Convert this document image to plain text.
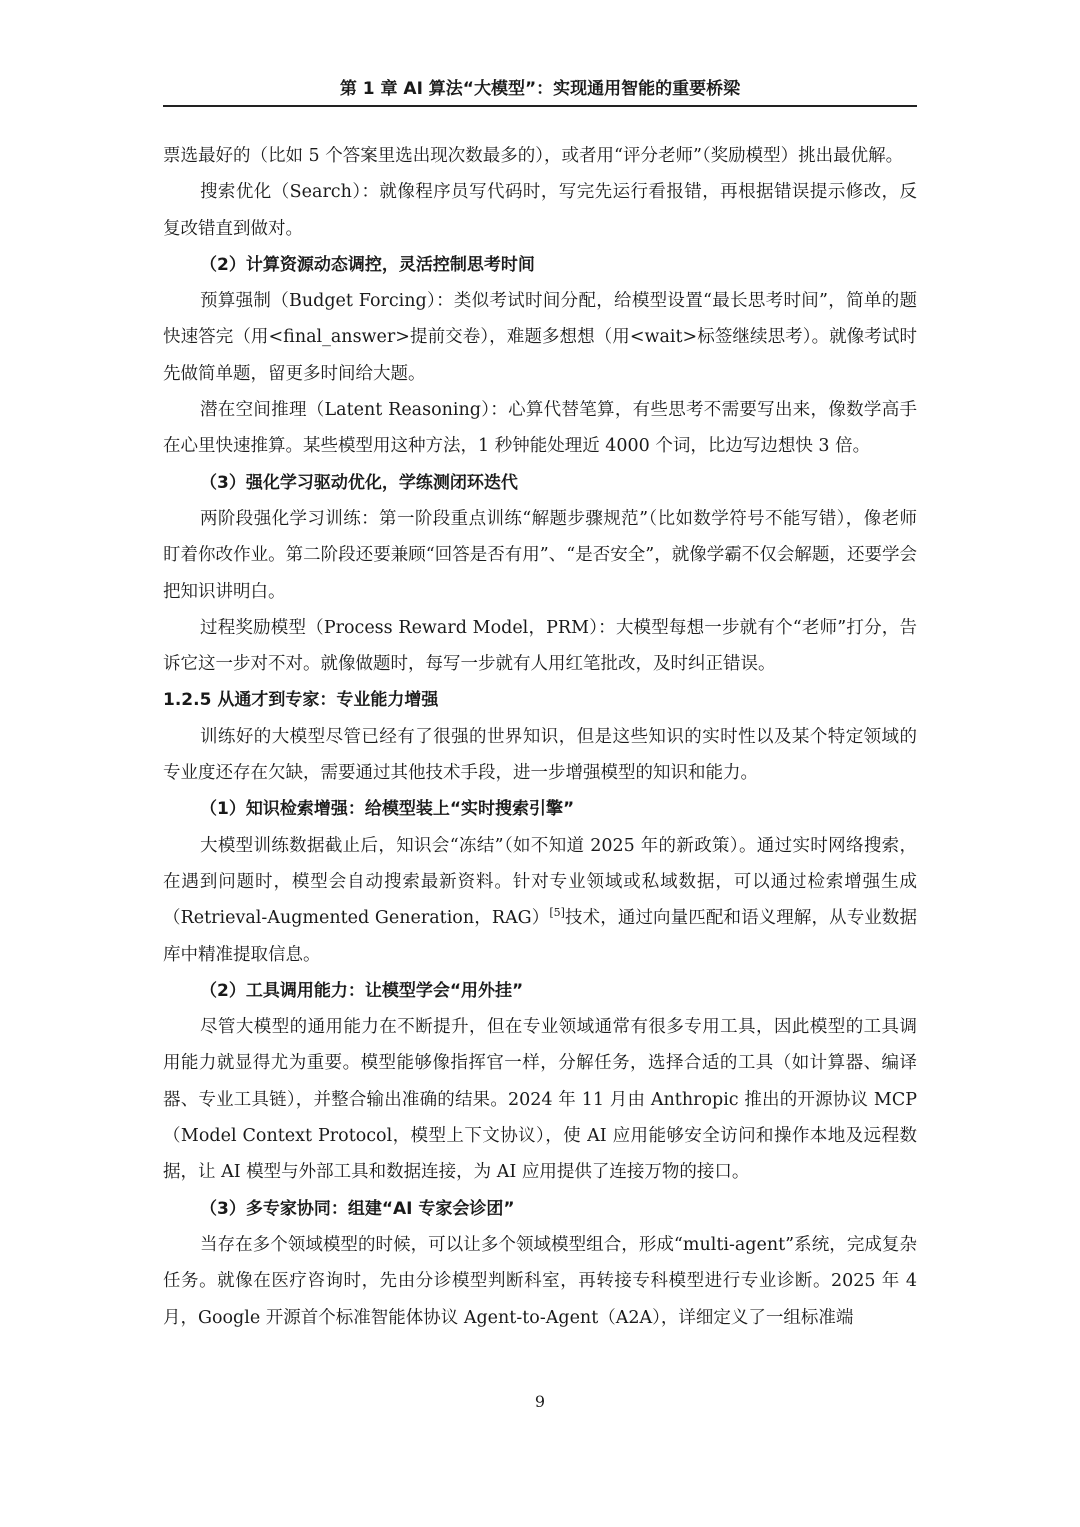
第 1 章 AI 算法“大模型”：实现通用智能的重要桥梁

票选最好的（比如 5 个答案里选出现次数最多的），或者用“评分老师”（奖励模型）挑出最优解。

搜索优化（Search）：就像程序员写代码时，写完先运行看报错，再根据错误提示修改，反复改错直到做对。

（2）计算资源动态调控，灵活控制思考时间

预算强制（Budget Forcing）：类似考试时间分配，给模型设置“最长思考时间”，简单的题快速答完（用<final_answer>提前交卷），难题多想想（用<wait>标签继续思考）。就像考试时先做简单题，留更多时间给大题。

潜在空间推理（Latent Reasoning）：心算代替笔算，有些思考不需要写出来，像数学高手在心里快速推算。某些模型用这种方法，1 秒钟能处理近 4000 个词，比边写边想快 3 倍。

（3）强化学习驱动优化，学练测闭环迭代

两阶段强化学习训练：第一阶段重点训练“解题步骤规范”（比如数学符号不能写错），像老师盯着你改作业。第二阶段还要兼顾“回答是否有用”、“是否安全”，就像学霸不仅会解题，还要学会把知识讲明白。

过程奖励模型（Process Reward Model，PRM）：大模型每想一步就有个“老师”打分，告诉它这一步对不对。就像做题时，每写一步就有人用红笔批改，及时纠正错误。

1.2.5 从通才到专家：专业能力增强

训练好的大模型尽管已经有了很强的世界知识，但是这些知识的实时性以及某个特定领域的专业度还存在欠缺，需要通过其他技术手段，进一步增强模型的知识和能力。

（1）知识检索增强：给模型装上“实时搜索引擎”

大模型训练数据截止后，知识会“冻结”（如不知道 2025 年的新政策）。通过实时网络搜索，在遇到问题时，模型会自动搜索最新资料。针对专业领域或私域数据，可以通过检索增强生成（Retrieval-Augmented Generation，RAG）[5]技术，通过向量匹配和语义理解，从专业数据库中精准提取信息。

（2）工具调用能力：让模型学会“用外挂”

尽管大模型的通用能力在不断提升，但在专业领域通常有很多专用工具，因此模型的工具调用能力就显得尤为重要。模型能够像指挥官一样，分解任务，选择合适的工具（如计算器、编译器、专业工具链），并整合输出准确的结果。2024 年 11 月由 Anthropic 推出的开源协议 MCP（Model Context Protocol，模型上下文协议），使 AI 应用能够安全访问和操作本地及远程数据，让 AI 模型与外部工具和数据连接，为 AI 应用提供了连接万物的接口。

（3）多专家协同：组建“AI 专家会诊团”

当存在多个领域模型的时候，可以让多个领域模型组合，形成“multi-agent”系统，完成复杂任务。就像在医疗咨询时，先由分诊模型判断科室，再转接专科模型进行专业诊断。2025 年 4 月，Google 开源首个标准智能体协议 Agent-to-Agent（A2A），详细定义了一组标准端

9
